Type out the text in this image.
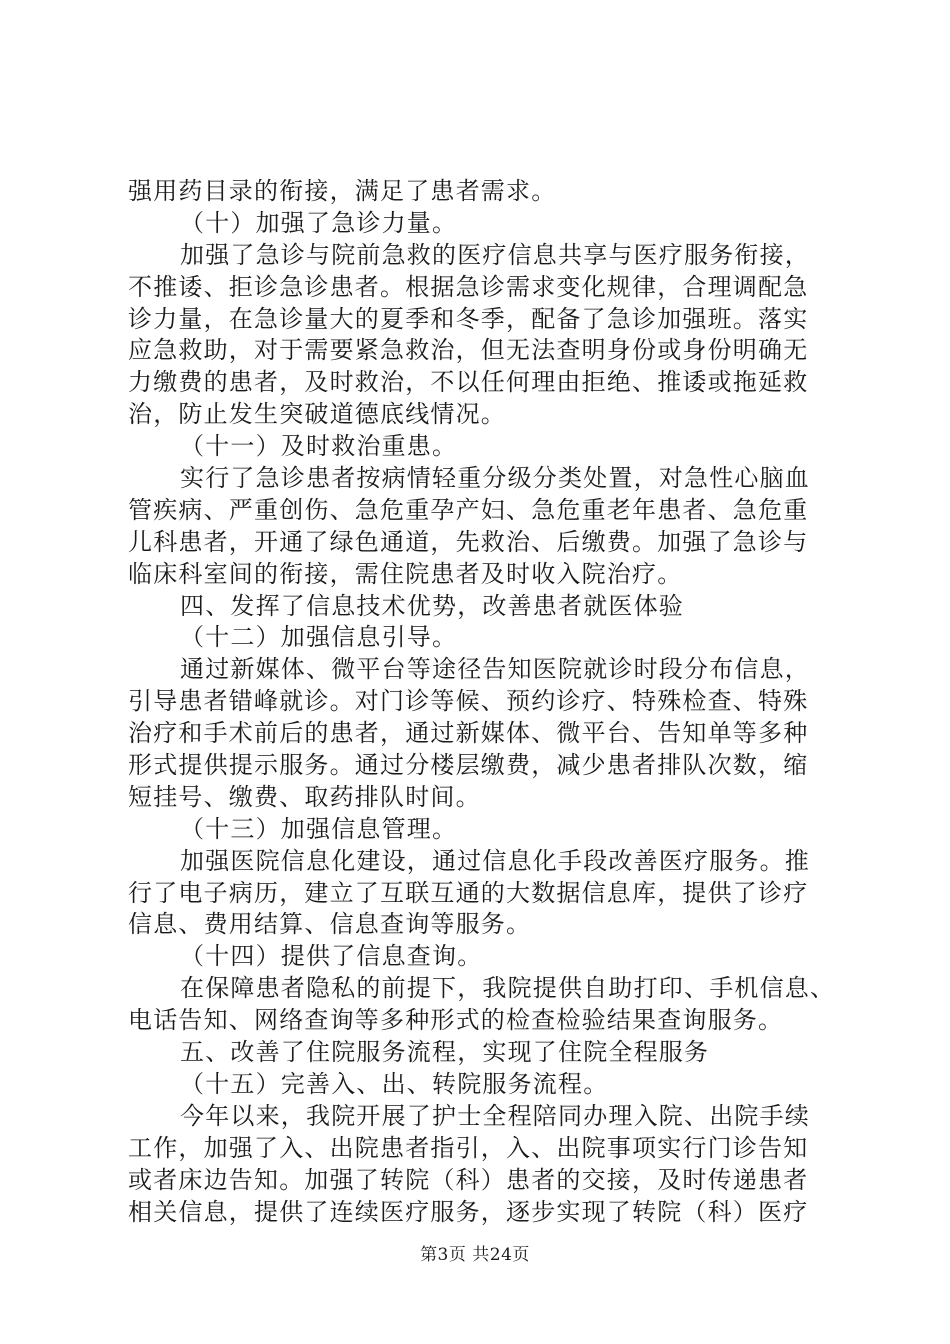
强用药目录的衔接，满足了患者需求。
（十）加强了急诊力量。
加强了急诊与院前急救的医疗信息共享与医疗服务衔接，
不推诿、拒诊急诊患者。根据急诊需求变化规律，合理调配急
诊力量，在急诊量大的夏季和冬季，配备了急诊加强班。落实
应急救助，对于需要紧急救治，但无法查明身份或身份明确无
力缴费的患者，及时救治，不以任何理由拒绝、推诿或拖延救
治，防止发生突破道德底线情况。
（十一）及时救治重患。
实行了急诊患者按病情轻重分级分类处置，对急性心脑血
管疾病、严重创伤、急危重孕产妇、急危重老年患者、急危重
儿科患者，开通了绿色通道，先救治、后缴费。加强了急诊与
临床科室间的衔接，需住院患者及时收入院治疗。
四、发挥了信息技术优势，改善患者就医体验
（十二）加强信息引导。
通过新媒体、微平台等途径告知医院就诊时段分布信息，
引导患者错峰就诊。对门诊等候、预约诊疗、特殊检查、特殊
治疗和手术前后的患者，通过新媒体、微平台、告知单等多种
形式提供提示服务。通过分楼层缴费，减少患者排队次数，缩
短挂号、缴费、取药排队时间。
（十三）加强信息管理。
加强医院信息化建设，通过信息化手段改善医疗服务。推
行了电子病历，建立了互联互通的大数据信息库，提供了诊疗
信息、费用结算、信息查询等服务。
（十四）提供了信息查询。
在保障患者隐私的前提下，我院提供自助打印、手机信息、
电话告知、网络查询等多种形式的检查检验结果查询服务。
五、改善了住院服务流程，实现了住院全程服务
（十五）完善入、出、转院服务流程。
今年以来，我院开展了护士全程陪同办理入院、出院手续
工作，加强了入、出院患者指引，入、出院事项实行门诊告知
或者床边告知。加强了转院（科）患者的交接，及时传递患者
相关信息，提供了连续医疗服务，逐步实现了转院（科）医疗
第3页 共24页
